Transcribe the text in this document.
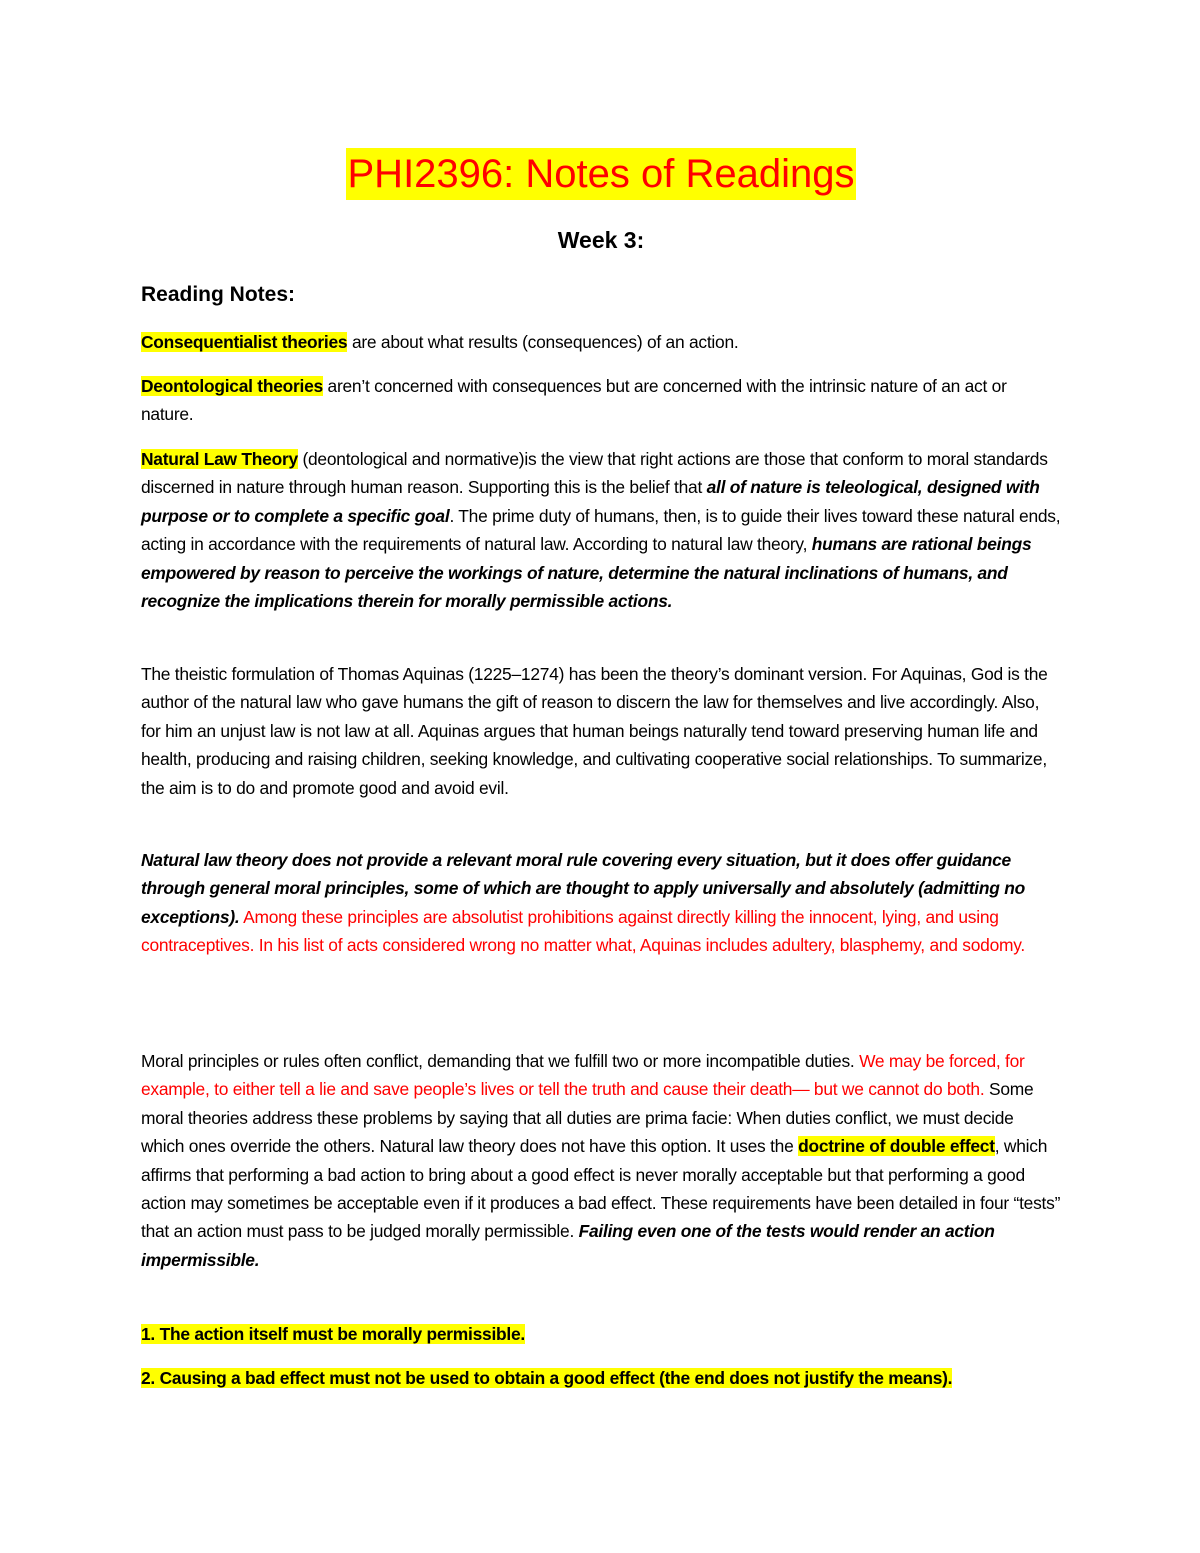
PHI2396: Notes of Readings
Week 3:
Reading Notes:

Consequentialist theories are about what results (consequences) of an action.

Deontological theories aren’t concerned with consequences but are concerned with the intrinsic nature of an act or nature.

Natural Law Theory (deontological and normative)is the view that right actions are those that conform to moral standards discerned in nature through human reason. Supporting this is the belief that all of nature is teleological, designed with purpose or to complete a specific goal. The prime duty of humans, then, is to guide their lives toward these natural ends, acting in accordance with the requirements of natural law. According to natural law theory, humans are rational beings empowered by reason to perceive the workings of nature, determine the natural inclinations of humans, and recognize the implications therein for morally permissible actions.

The theistic formulation of Thomas Aquinas (1225–1274) has been the theory’s dominant version. For Aquinas, God is the author of the natural law who gave humans the gift of reason to discern the law for themselves and live accordingly. Also, for him an unjust law is not law at all. Aquinas argues that human beings naturally tend toward preserving human life and health, producing and raising children, seeking knowledge, and cultivating cooperative social relationships. To summarize, the aim is to do and promote good and avoid evil.

Natural law theory does not provide a relevant moral rule covering every situation, but it does offer guidance through general moral principles, some of which are thought to apply universally and absolutely (admitting no exceptions). Among these principles are absolutist prohibitions against directly killing the innocent, lying, and using contraceptives. In his list of acts considered wrong no matter what, Aquinas includes adultery, blasphemy, and sodomy.

Moral principles or rules often conflict, demanding that we fulfill two or more incompatible duties. We may be forced, for example, to either tell a lie and save people’s lives or tell the truth and cause their death— but we cannot do both. Some moral theories address these problems by saying that all duties are prima facie: When duties conflict, we must decide which ones override the others. Natural law theory does not have this option. It uses the doctrine of double effect, which affirms that performing a bad action to bring about a good effect is never morally acceptable but that performing a good action may sometimes be acceptable even if it produces a bad effect. These requirements have been detailed in four “tests” that an action must pass to be judged morally permissible. Failing even one of the tests would render an action impermissible.

1. The action itself must be morally permissible.
2. Causing a bad effect must not be used to obtain a good effect (the end does not justify the means).
